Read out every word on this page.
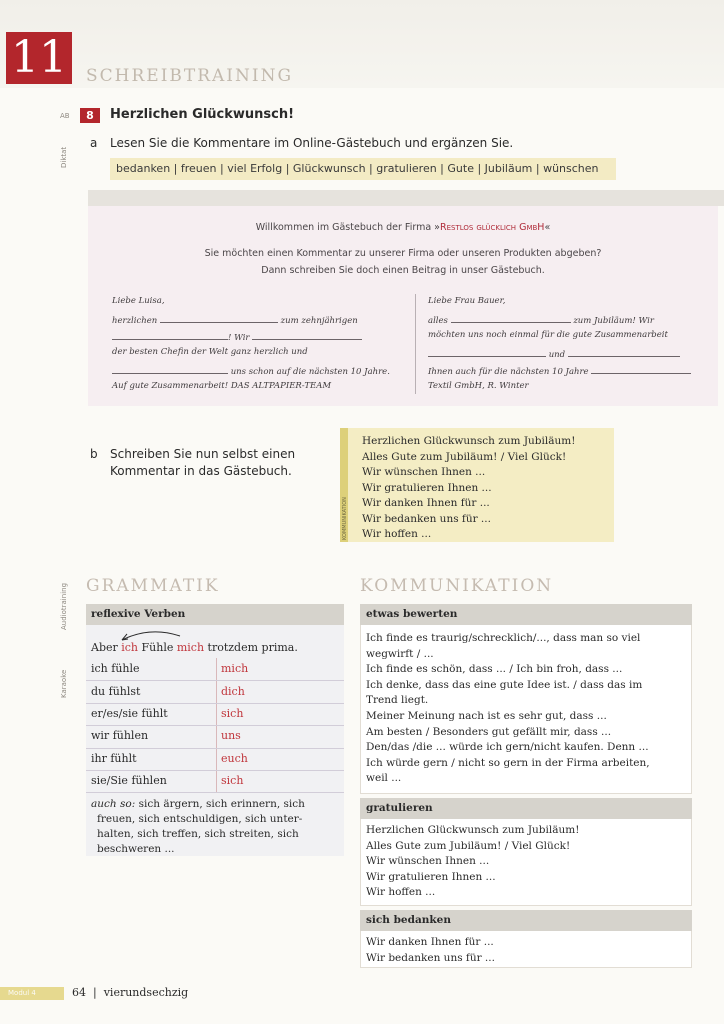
11 SCHREIBTRAINING
AB
Diktat
Audiotraining
Karaoke
8	Herzlichen Glückwunsch!
a Lesen Sie die Kommentare im Online-Gästebuch und ergänzen Sie.
bedanken | freuen | viel Erfolg | Glückwunsch | gratulieren | Gute | Jubiläum | wünschen
Willkommen im Gästebuch der Firma »Restlos glücklich GmbH«
Sie möchten einen Kommentar zu unserer Firma oder unseren Produkten abgeben?
Dann schreiben Sie doch einen Beitrag in unser Gästebuch.
Liebe Luisa,
herzlichen	zum zehnjährigen
! Wir
der besten Chefin der Welt ganz herzlich und
uns schon auf die nächsten 10 Jahre.
Auf gute Zusammenarbeit! DAS ALTPAPIER-TEAM
Liebe Frau Bauer,
alles	zum Jubiläum! Wir
möchten uns noch einmal für die gute Zusammenarbeit
und
Ihnen auch für die nächsten 10 Jahre
Textil GmbH, R. Winter
b Schreiben Sie nun selbst einen
Kommentar in das Gästebuch.
KOMMUNIKATION
Herzlichen Glückwunsch zum Jubiläum!
Alles Gute zum Jubiläum! / Viel Glück!
Wir wünschen Ihnen ...
Wir gratulieren Ihnen ...
Wir danken Ihnen für ...
Wir bedanken uns für ...
Wir hoffen ...
GRAMMATIK
reflexive Verben
Aber ich Fühle mich trotzdem prima.
ich fühle	mich
du fühlst	dich
er/es/sie fühlt	sich
wir fühlen	uns
ihr fühlt	euch
sie/Sie fühlen	sich
auch so: sich ärgern, sich erinnern, sich
freuen, sich entschuldigen, sich unter-
halten, sich treffen, sich streiten, sich
beschweren ...
KOMMUNIKATION
etwas bewerten
Ich finde es traurig/schrecklich/..., dass man so viel
wegwirft / ...
Ich finde es schön, dass ... / Ich bin froh, dass ...
Ich denke, dass das eine gute Idee ist. / dass das im
Trend liegt.
Meiner Meinung nach ist es sehr gut, dass ...
Am besten / Besonders gut gefällt mir, dass ...
Den/das /die ... würde ich gern/nicht kaufen. Denn ...
Ich würde gern / nicht so gern in der Firma arbeiten,
weil ...
gratulieren
Herzlichen Glückwunsch zum Jubiläum!
Alles Gute zum Jubiläum! / Viel Glück!
Wir wünschen Ihnen ...
Wir gratulieren Ihnen ...
Wir hoffen ...
sich bedanken
Wir danken Ihnen für ...
Wir bedanken uns für ...
Modul 4	64 | vierundsechzig
